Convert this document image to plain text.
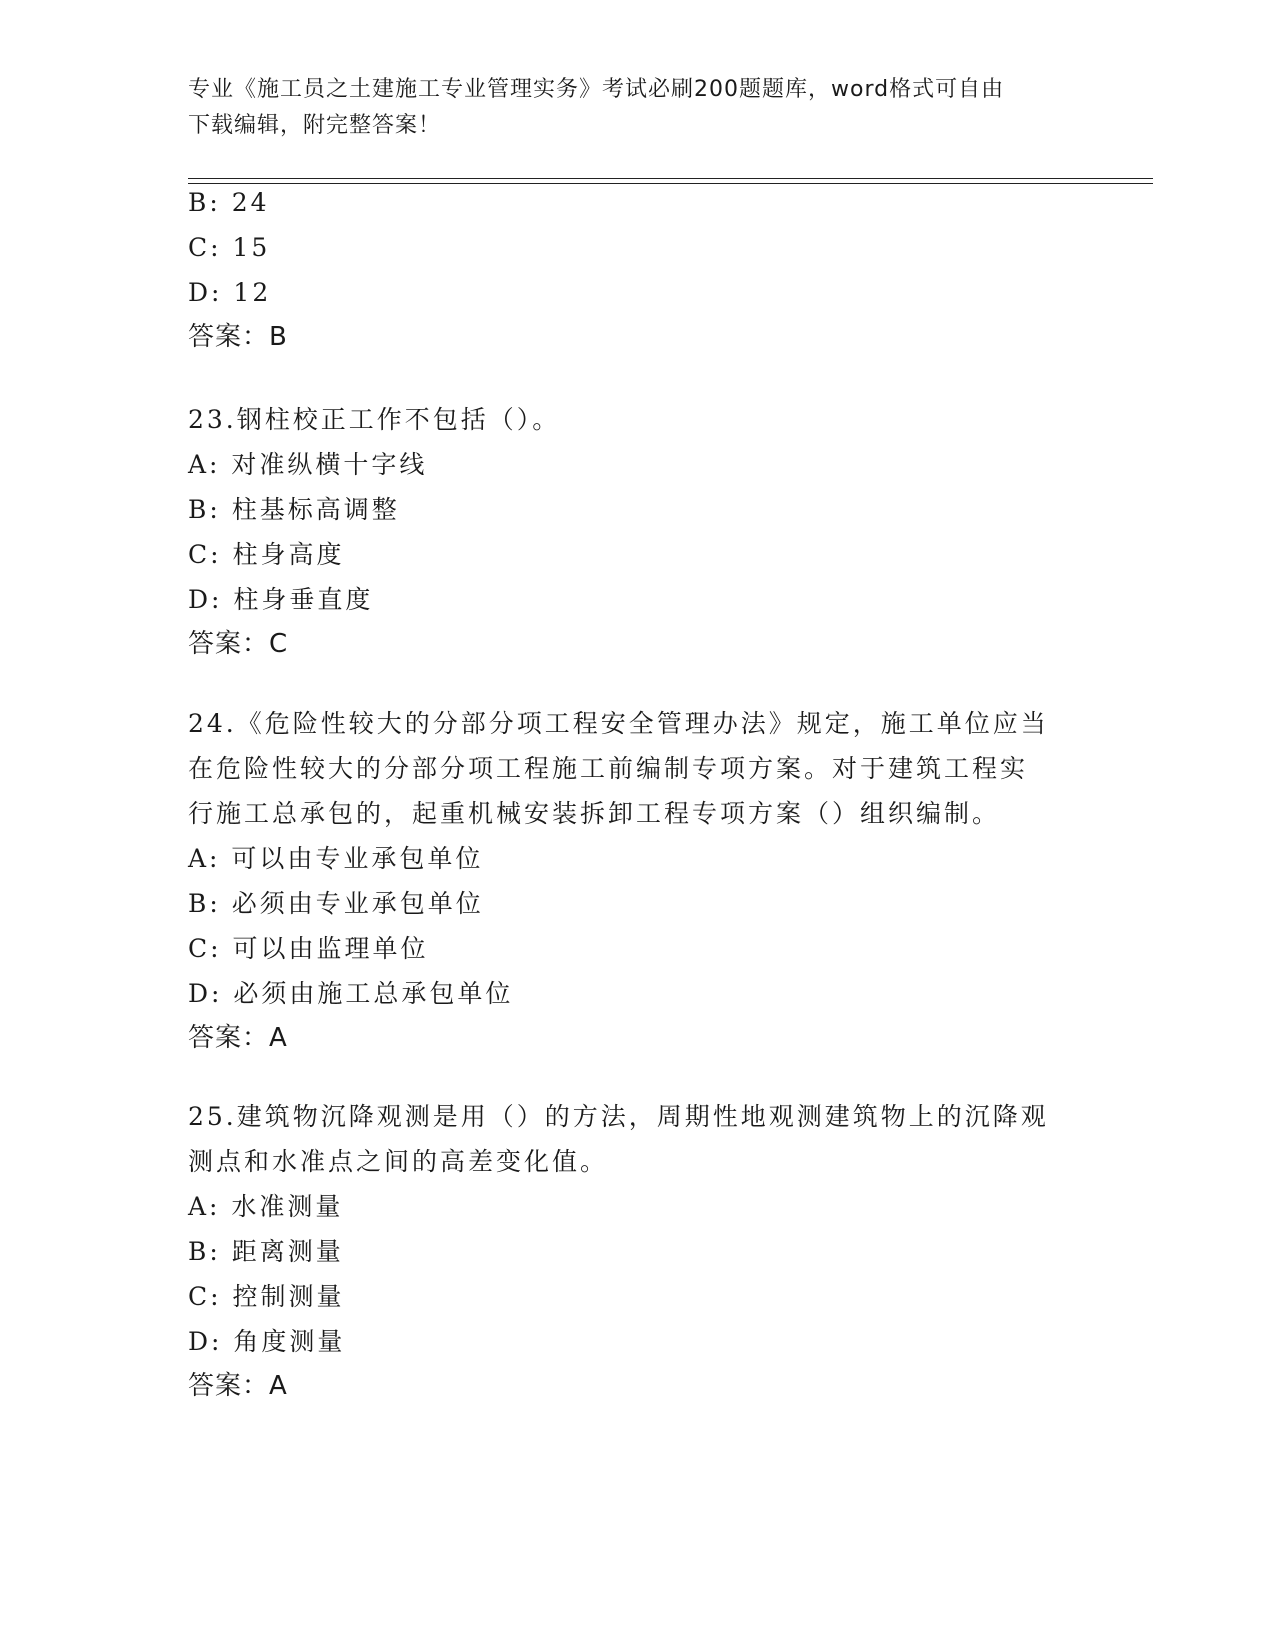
专业《施工员之土建施工专业管理实务》考试必刷200题题库，word格式可自由
下载编辑，附完整答案！
B: 24
C: 15
D: 12
答案：B
23.钢柱校正工作不包括（）。
A: 对准纵横十字线
B: 柱基标高调整
C: 柱身高度
D: 柱身垂直度
答案：C
24.《危险性较大的分部分项工程安全管理办法》规定，施工单位应当
在危险性较大的分部分项工程施工前编制专项方案。对于建筑工程实
行施工总承包的，起重机械安装拆卸工程专项方案（）组织编制。
A: 可以由专业承包单位
B: 必须由专业承包单位
C: 可以由监理单位
D: 必须由施工总承包单位
答案：A
25.建筑物沉降观测是用（）的方法，周期性地观测建筑物上的沉降观
测点和水准点之间的高差变化值。
A: 水准测量
B: 距离测量
C: 控制测量
D: 角度测量
答案：A
